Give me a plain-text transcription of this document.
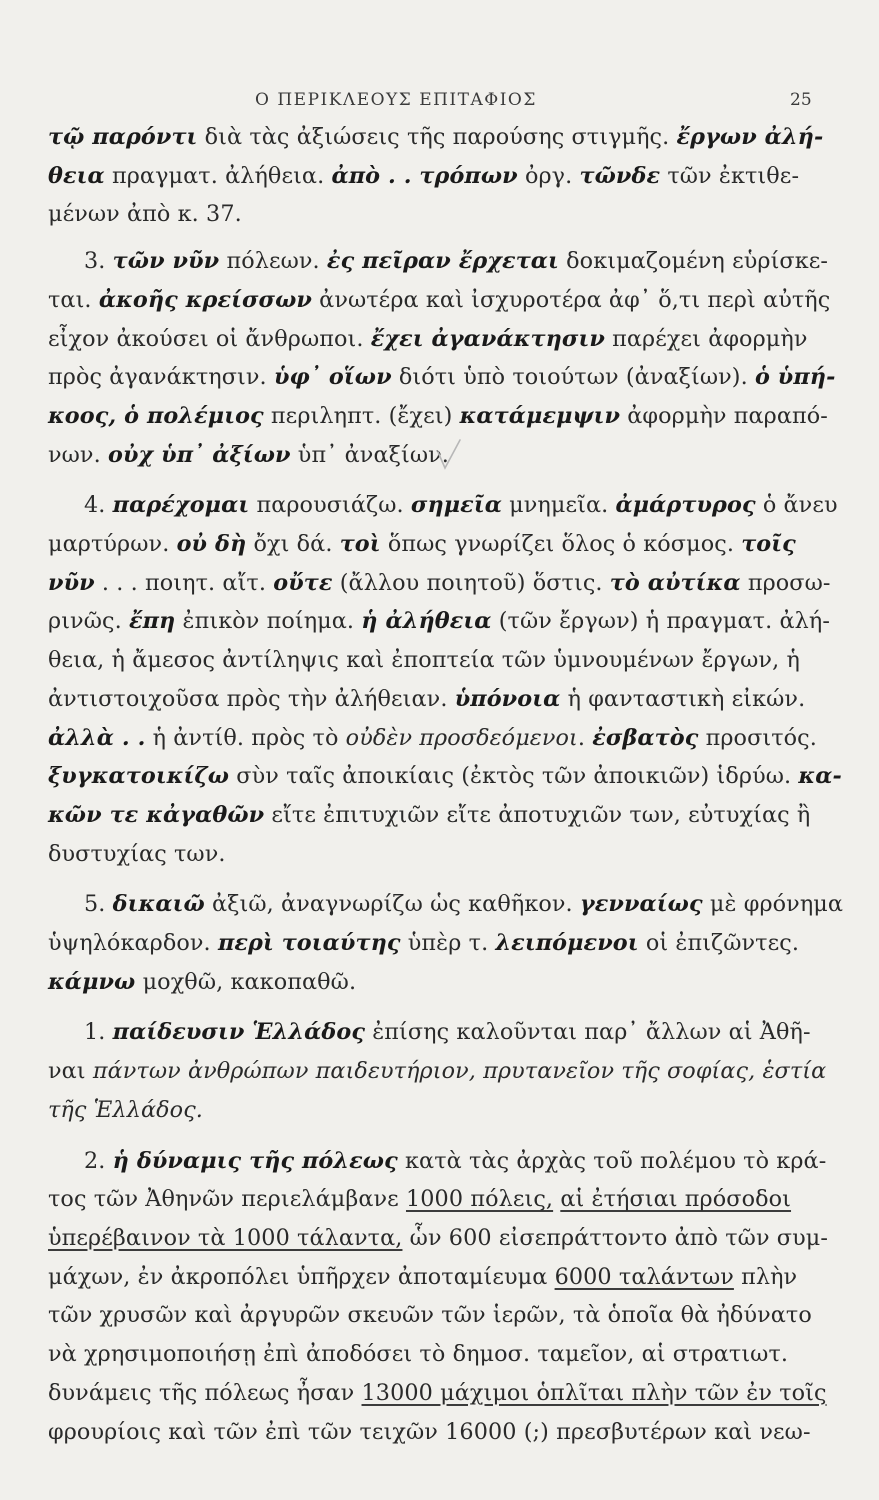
Ο ΠΕΡΙΚΛΕΟΥΣ ΕΠΙΤΑΦΙΟΣ	25
τῷ παρόντι διὰ τὰς ἀξιώσεις τῆς παρούσης στιγμῆς. ἔργων ἀλή-
θεια πραγματ. ἀλήθεια. ἀπὸ . . τρόπων ὀργ. τῶνδε τῶν ἐκτιθε-
μένων ἀπὸ κ. 37.
3. τῶν νῦν πόλεων. ἐς πεῖραν ἔρχεται δοκιμαζομένη εὑρίσκε-
ται. ἀκοῆς κρείσσων ἀνωτέρα καὶ ἰσχυροτέρα ἀφ᾽ ὅ,τι περὶ αὐτῆς
εἶχον ἀκούσει οἱ ἄνθρωποι. ἔχει ἀγανάκτησιν παρέχει ἀφορμὴν
πρὸς ἀγανάκτησιν. ὑφ᾽ οἵων διότι ὑπὸ τοιούτων (ἀναξίων). ὁ ὑπή-
κοος, ὁ πολέμιος περιληπτ. (ἔχει) κατάμεμψιν ἀφορμὴν παραπό-
νων. οὐχ ὑπ᾽ ἀξίων ὑπ᾽ ἀναξίων.
4. παρέχομαι παρουσιάζω. σημεῖα μνημεῖα. ἀμάρτυρος ὁ ἄνευ
μαρτύρων. οὐ δὴ ὄχι δά. τοὶ ὅπως γνωρίζει ὅλος ὁ κόσμος. τοῖς
νῦν . . . ποιητ. αἴτ. οὔτε (ἄλλου ποιητοῦ) ὅστις. τὸ αὐτίκα προσω-
ρινῶς. ἔπη ἐπικὸν ποίημα. ἡ ἀλήθεια (τῶν ἔργων) ἡ πραγματ. ἀλή-
θεια, ἡ ἄμεσος ἀντίληψις καὶ ἐποπτεία τῶν ὑμνουμένων ἔργων, ἡ
ἀντιστοιχοῦσα πρὸς τὴν ἀλήθειαν. ὑπόνοια ἡ φανταστικὴ εἰκών.
ἀλλὰ . . ἡ ἀντίθ. πρὸς τὸ οὐδὲν προσδεόμενοι. ἐσβατὸς προσιτός.
ξυγκατοικίζω σὺν ταῖς ἀποικίαις (ἐκτὸς τῶν ἀποικιῶν) ἱδρύω. κα-
κῶν τε κἀγαθῶν εἴτε ἐπιτυχιῶν εἴτε ἀποτυχιῶν των, εὐτυχίας ἢ
δυστυχίας των.
5. δικαιῶ ἀξιῶ, ἀναγνωρίζω ὡς καθῆκον. γενναίως μὲ φρόνημα
ὑψηλόκαρδον. περὶ τοιαύτης ὑπὲρ τ. λειπόμενοι οἱ ἐπιζῶντες.
κάμνω μοχθῶ, κακοπαθῶ.
1. παίδευσιν Ἑλλάδος ἐπίσης καλοῦνται παρ᾽ ἄλλων αἱ Ἀθῆ-
ναι πάντων ἀνθρώπων παιδευτήριον, πρυτανεῖον τῆς σοφίας, ἑστία
τῆς Ἑλλάδος.
2. ἡ δύναμις τῆς πόλεως κατὰ τὰς ἀρχὰς τοῦ πολέμου τὸ κρά-
τος τῶν Ἀθηνῶν περιελάμβανε 1000 πόλεις, αἱ ἐτήσιαι πρόσοδοι
ὑπερέβαινον τὰ 1000 τάλαντα, ὧν 600 εἰσεπράττοντο ἀπὸ τῶν συμ-
μάχων, ἐν ἀκροπόλει ὑπῆρχεν ἀποταμίευμα 6000 ταλάντων πλὴν
τῶν χρυσῶν καὶ ἀργυρῶν σκευῶν τῶν ἱερῶν, τὰ ὁποῖα θὰ ἠδύνατο
νὰ χρησιμοποιήσῃ ἐπὶ ἀποδόσει τὸ δημοσ. ταμεῖον, αἱ στρατιωτ.
δυνάμεις τῆς πόλεως ἦσαν 13000 μάχιμοι ὁπλῖται πλὴν τῶν ἐν τοῖς
φρουρίοις καὶ τῶν ἐπὶ τῶν τειχῶν 16000 (;) πρεσβυτέρων καὶ νεω-
